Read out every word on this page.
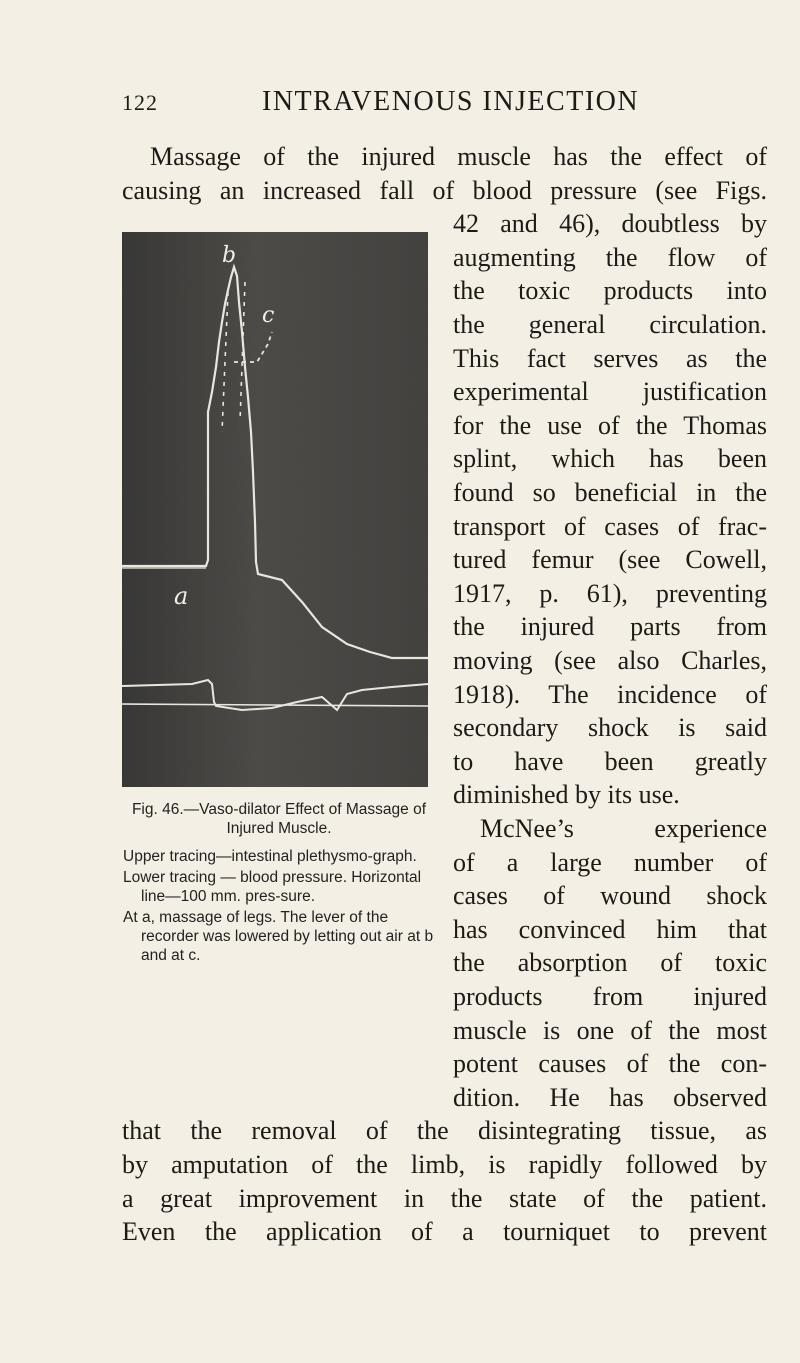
122	INTRAVENOUS INJECTION
b
c
a

Fig. 46.—Vaso-dilator Effect of Massage of Injured Muscle.

Upper tracing—intestinal plethysmo-graph.

Lower tracing — blood pressure. Horizontal line—100 mm. pres-sure.

At a, massage of legs. The lever of the recorder was lowered by letting out air at b and at c.

Massage of the injured muscle has the effect of
causing an increased fall of blood pressure (see Figs.
42 and 46), doubtless by
augmenting the flow of
the toxic products into
the general circulation.
This fact serves as the
experimental justification
for the use of the Thomas
splint, which has been
found so beneficial in the
transport of cases of frac-
tured femur (see Cowell,
1917, p. 61), preventing
the injured parts from
moving (see also Charles,
1918). The incidence of
secondary shock is said
to have been greatly
diminished by its use.
McNee’s experience
of a large number of
cases of wound shock
has convinced him that
the absorption of toxic
products from injured
muscle is one of the most
potent causes of the con-
dition. He has observed
that the removal of the disintegrating tissue, as
by amputation of the limb, is rapidly followed by
a great improvement in the state of the patient.
Even the application of a tourniquet to prevent
